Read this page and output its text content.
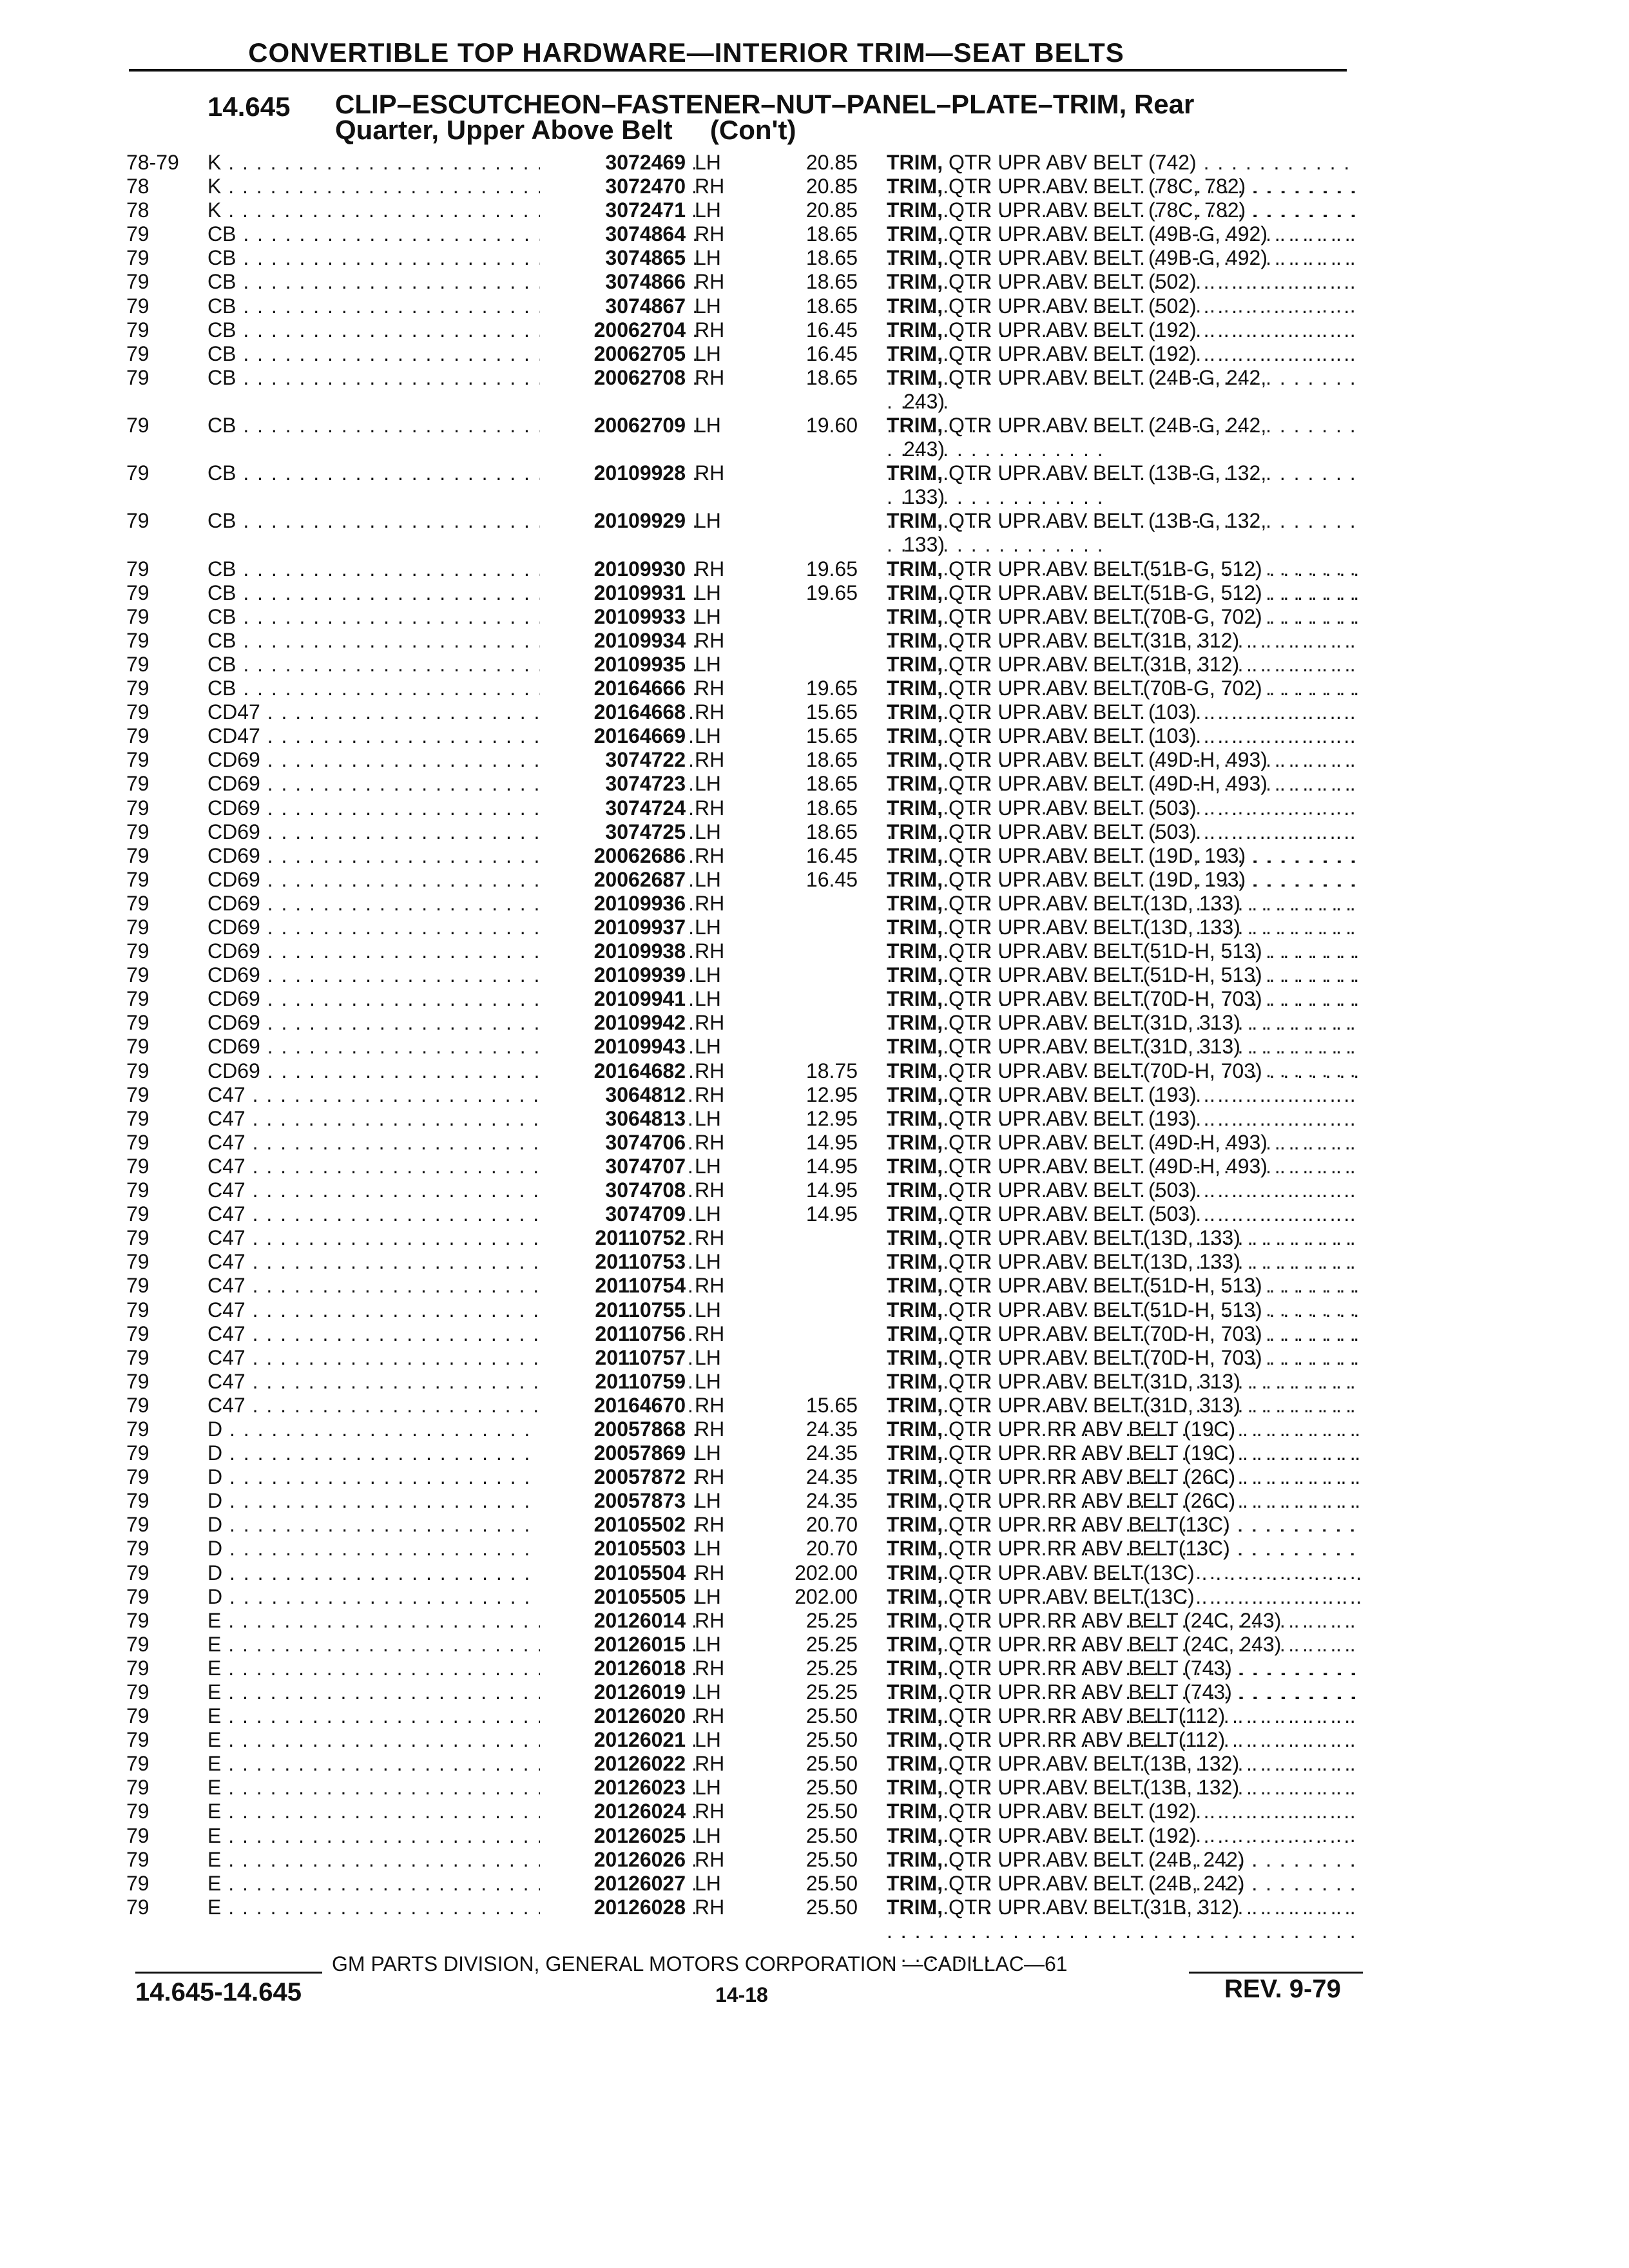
CONVERTIBLE TOP HARDWARE—INTERIOR TRIM—SEAT BELTS
14.645 CLIP–ESCUTCHEON–FASTENER–NUT–PANEL–PLATE–TRIM, Rear
Quarter, Upper Above Belt     (Con't)
78-79	K . . .	3072469 LH	20.85 TRIM, QTR UPR ABV BELT (742) . . .
78	K . . .	3072470 RH	20.85 TRIM, QTR UPR ABV BELT (78C, 782) . . .
78	K . . .	3072471 LH	20.85 TRIM, QTR UPR ABV BELT (78C, 782) . . .
79	CB . . .	3074864 RH	18.65 TRIM, QTR UPR ABV BELT (49B-G, 492) . . .
79	CB . . .	3074865 LH	18.65 TRIM, QTR UPR ABV BELT (49B-G, 492) . . .
79	CB . . .	3074866 RH	18.65 TRIM, QTR UPR ABV BELT (502) . . .
79	CB . . .	3074867 LH	18.65 TRIM, QTR UPR ABV BELT (502) . . .
79	CB . . .	20062704 RH	16.45 TRIM, QTR UPR ABV BELT (192) . . .
79	CB . . .	20062705 LH	16.45 TRIM, QTR UPR ABV BELT (192) . . .
79	CB . . .	20062708 RH	18.65 TRIM, QTR UPR ABV BELT (24B-G, 242,
243)
. . .
79	CB . . .	20062709 LH	19.60 TRIM, QTR UPR ABV BELT (24B-G, 242,
243)
. . .
79	CB . . .	20109928 RH	TRIM, QTR UPR ABV BELT (13B-G, 132,
133)
. . .
79	CB . . .	20109929 LH	TRIM, QTR UPR ABV BELT (13B-G, 132,
133)
. . .
79	CB . . .	20109930 RH	19.65 TRIM, QTR UPR ABV BELT(51B-G, 512) . . .
79	CB . . .	20109931 LH	19.65 TRIM, QTR UPR ABV BELT(51B-G, 512) . . .
79	CB . . .	20109933 LH	TRIM, QTR UPR ABV BELT(70B-G, 702) . . .
79	CB . . .	20109934 RH	TRIM, QTR UPR ABV BELT(31B, 312) . . .
79	CB . . .	20109935 LH	TRIM, QTR UPR ABV BELT(31B, 312) . . .
79	CB . . .	20164666 RH	19.65 TRIM, QTR UPR ABV BELT(70B-G, 702) . . .
79	CD47 . . .	20164668 RH	15.65 TRIM, QTR UPR ABV BELT (103) . . .
79	CD47 . . .	20164669 LH	15.65 TRIM, QTR UPR ABV BELT (103) . . .
79	CD69 . . .	3074722 RH	18.65 TRIM, QTR UPR ABV BELT (49D-H, 493) . . .
79	CD69 . . .	3074723 LH	18.65 TRIM, QTR UPR ABV BELT (49D-H, 493) . . .
79	CD69 . . .	3074724 RH	18.65 TRIM, QTR UPR ABV BELT (503) . . .
79	CD69 . . .	3074725 LH	18.65 TRIM, QTR UPR ABV BELT (503) . . .
79	CD69 . . .	20062686 RH	16.45 TRIM, QTR UPR ABV BELT (19D, 193) . . .
79	CD69 . . .	20062687 LH	16.45 TRIM, QTR UPR ABV BELT (19D, 193) . . .
79	CD69 . . .	20109936 RH	TRIM, QTR UPR ABV BELT(13D, 133) . . .
79	CD69 . . .	20109937 LH	TRIM, QTR UPR ABV BELT(13D, 133) . . .
79	CD69 . . .	20109938 RH	TRIM, QTR UPR ABV BELT(51D-H, 513) . . .
79	CD69 . . .	20109939 LH	TRIM, QTR UPR ABV BELT(51D-H, 513) . . .
79	CD69 . . .	20109941 LH	TRIM, QTR UPR ABV BELT(70D-H, 703) . . .
79	CD69 . . .	20109942 RH	TRIM, QTR UPR ABV BELT(31D, 313) . . .
79	CD69 . . .	20109943 LH	TRIM, QTR UPR ABV BELT(31D, 313) . . .
79	CD69 . . .	20164682 RH	18.75 TRIM, QTR UPR ABV BELT(70D-H, 703) . . .
79	C47 . . .	3064812 RH	12.95 TRIM, QTR UPR ABV BELT (193) . . .
79	C47 . . .	3064813 LH	12.95 TRIM, QTR UPR ABV BELT (193) . . .
79	C47 . . .	3074706 RH	14.95 TRIM, QTR UPR ABV BELT (49D-H, 493) . . .
79	C47 . . .	3074707 LH	14.95 TRIM, QTR UPR ABV BELT (49D-H, 493) . . .
79	C47 . . .	3074708 RH	14.95 TRIM, QTR UPR ABV BELT (503) . . .
79	C47 . . .	3074709 LH	14.95 TRIM, QTR UPR ABV BELT (503) . . .
79	C47 . . .	20110752 RH	TRIM, QTR UPR ABV BELT(13D, 133) . . .
79	C47 . . .	20110753 LH	TRIM, QTR UPR ABV BELT(13D, 133) . . .
79	C47 . . .	20110754 RH	TRIM, QTR UPR ABV BELT(51D-H, 513) . . .
79	C47 . . .	20110755 LH	TRIM, QTR UPR ABV BELT(51D-H, 513) . . .
79	C47 . . .	20110756 RH	TRIM, QTR UPR ABV BELT(70D-H, 703) . . .
79	C47 . . .	20110757 LH	TRIM, QTR UPR ABV BELT(70D-H, 703) . . .
79	C47 . . .	20110759 LH	TRIM, QTR UPR ABV BELT(31D, 313) . . .
79	C47 . . .	20164670 RH	15.65 TRIM, QTR UPR ABV BELT(31D, 313) . . .
79	D . . .	20057868 RH	24.35 TRIM, QTR UPR RR ABV BELT (19C) . . .
79	D . . .	20057869 LH	24.35 TRIM, QTR UPR RR ABV BELT (19C) . . .
79	D . . .	20057872 RH	24.35 TRIM, QTR UPR RR ABV BELT (26C) . . .
79	D . . .	20057873 LH	24.35 TRIM, QTR UPR RR ABV BELT (26C) . . .
79	D . . .	20105502 RH	20.70 TRIM, QTR UPR RR ABV BELT(13C) . . .
79	D . . .	20105503 LH	20.70 TRIM, QTR UPR RR ABV BELT(13C) . . .
79	D . . .	20105504 RH	202.00 TRIM, QTR UPR ABV BELT(13C) . . .
79	D . . .	20105505 LH	202.00 TRIM, QTR UPR ABV BELT(13C) . . .
79	E . . .	20126014 RH	25.25 TRIM, QTR UPR RR ABV BELT (24C, 243) . . .
79	E . . .	20126015 LH	25.25 TRIM, QTR UPR RR ABV BELT (24C, 243) . . .
79	E . . .	20126018 RH	25.25 TRIM, QTR UPR RR ABV BELT (743) . . .
79	E . . .	20126019 LH	25.25 TRIM, QTR UPR RR ABV BELT (743) . . .
79	E . . .	20126020 RH	25.50 TRIM, QTR UPR RR ABV BELT(112) . . .
79	E . . .	20126021 LH	25.50 TRIM, QTR UPR RR ABV BELT(112) . . .
79	E . . .	20126022 RH	25.50 TRIM, QTR UPR ABV BELT(13B, 132) . . .
79	E . . .	20126023 LH	25.50 TRIM, QTR UPR ABV BELT(13B, 132) . . .
79	E . . .	20126024 RH	25.50 TRIM, QTR UPR ABV BELT (192) . . .
79	E . . .	20126025 LH	25.50 TRIM, QTR UPR ABV BELT (192) . . .
79	E . . .	20126026 RH	25.50 TRIM, QTR UPR ABV BELT (24B, 242) . . .
79	E . . .	20126027 LH	25.50 TRIM, QTR UPR ABV BELT (24B, 242) . . .
79	E . . .	20126028 RH	25.50 TRIM, QTR UPR ABV BELT(31B, 312) . . .
GM PARTS DIVISION, GENERAL MOTORS CORPORATION —CADILLAC—61
14.645-14.645	14-18	REV. 9-79
